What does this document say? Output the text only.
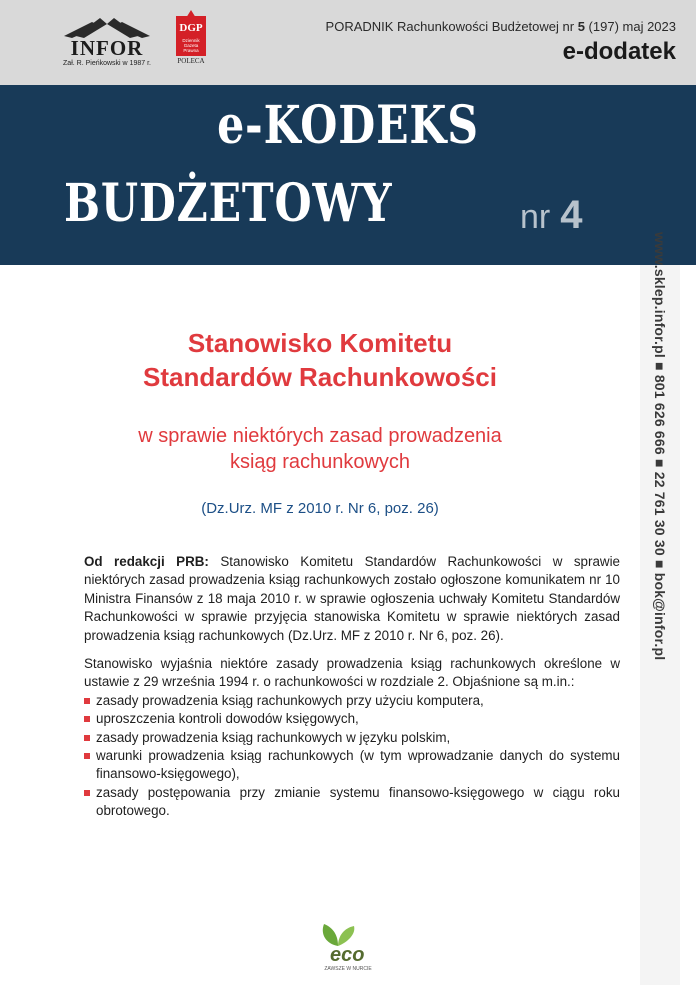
INFOR
Zał. R. Pieńkowski w 1987 r.
DGP
Dziennik Gazeta Prawna
POLECA
PORADNIK Rachunkowości Budżetowej nr 5 (197) maj 2023
e-dodatek
e-KODEKS
BUDŻETOWY	nr 4
www.sklep.infor.pl ■ 801 626 666 ■ 22 761 30 30 ■ bok@infor.pl
Stanowisko Komitetu
Standardów Rachunkowości
w sprawie niektórych zasad prowadzenia
ksiąg rachunkowych
(Dz.Urz. MF z 2010 r. Nr 6, poz. 26)

Od redakcji PRB: Stanowisko Komitetu Standardów Rachunkowości w sprawie niektórych zasad prowadzenia ksiąg rachunkowych zostało ogłoszone komunikatem nr 10 Ministra Finansów z 18 maja 2010 r. w sprawie ogłoszenia uchwały Komitetu Standardów Rachunkowości w sprawie przyjęcia stanowiska Komitetu w sprawie niektórych zasad prowadzenia ksiąg rachunkowych (Dz.Urz. MF z 2010 r. Nr 6, poz. 26).

Stanowisko wyjaśnia niektóre zasady prowadzenia ksiąg rachunkowych określone w ustawie z 29 września 1994 r. o rachunkowości w rozdziale 2. Objaśnione są m.in.:

zasady prowadzenia ksiąg rachunkowych przy użyciu komputera,
uproszczenia kontroli dowodów księgowych,
zasady prowadzenia ksiąg rachunkowych w języku polskim,
warunki prowadzenia ksiąg rachunkowych (w tym wprowadzanie danych do systemu finansowo-księgowego),
zasady postępowania przy zmianie systemu finansowo-księgowego w ciągu roku obrotowego.
eco
ZAWSZE W NURCIE
